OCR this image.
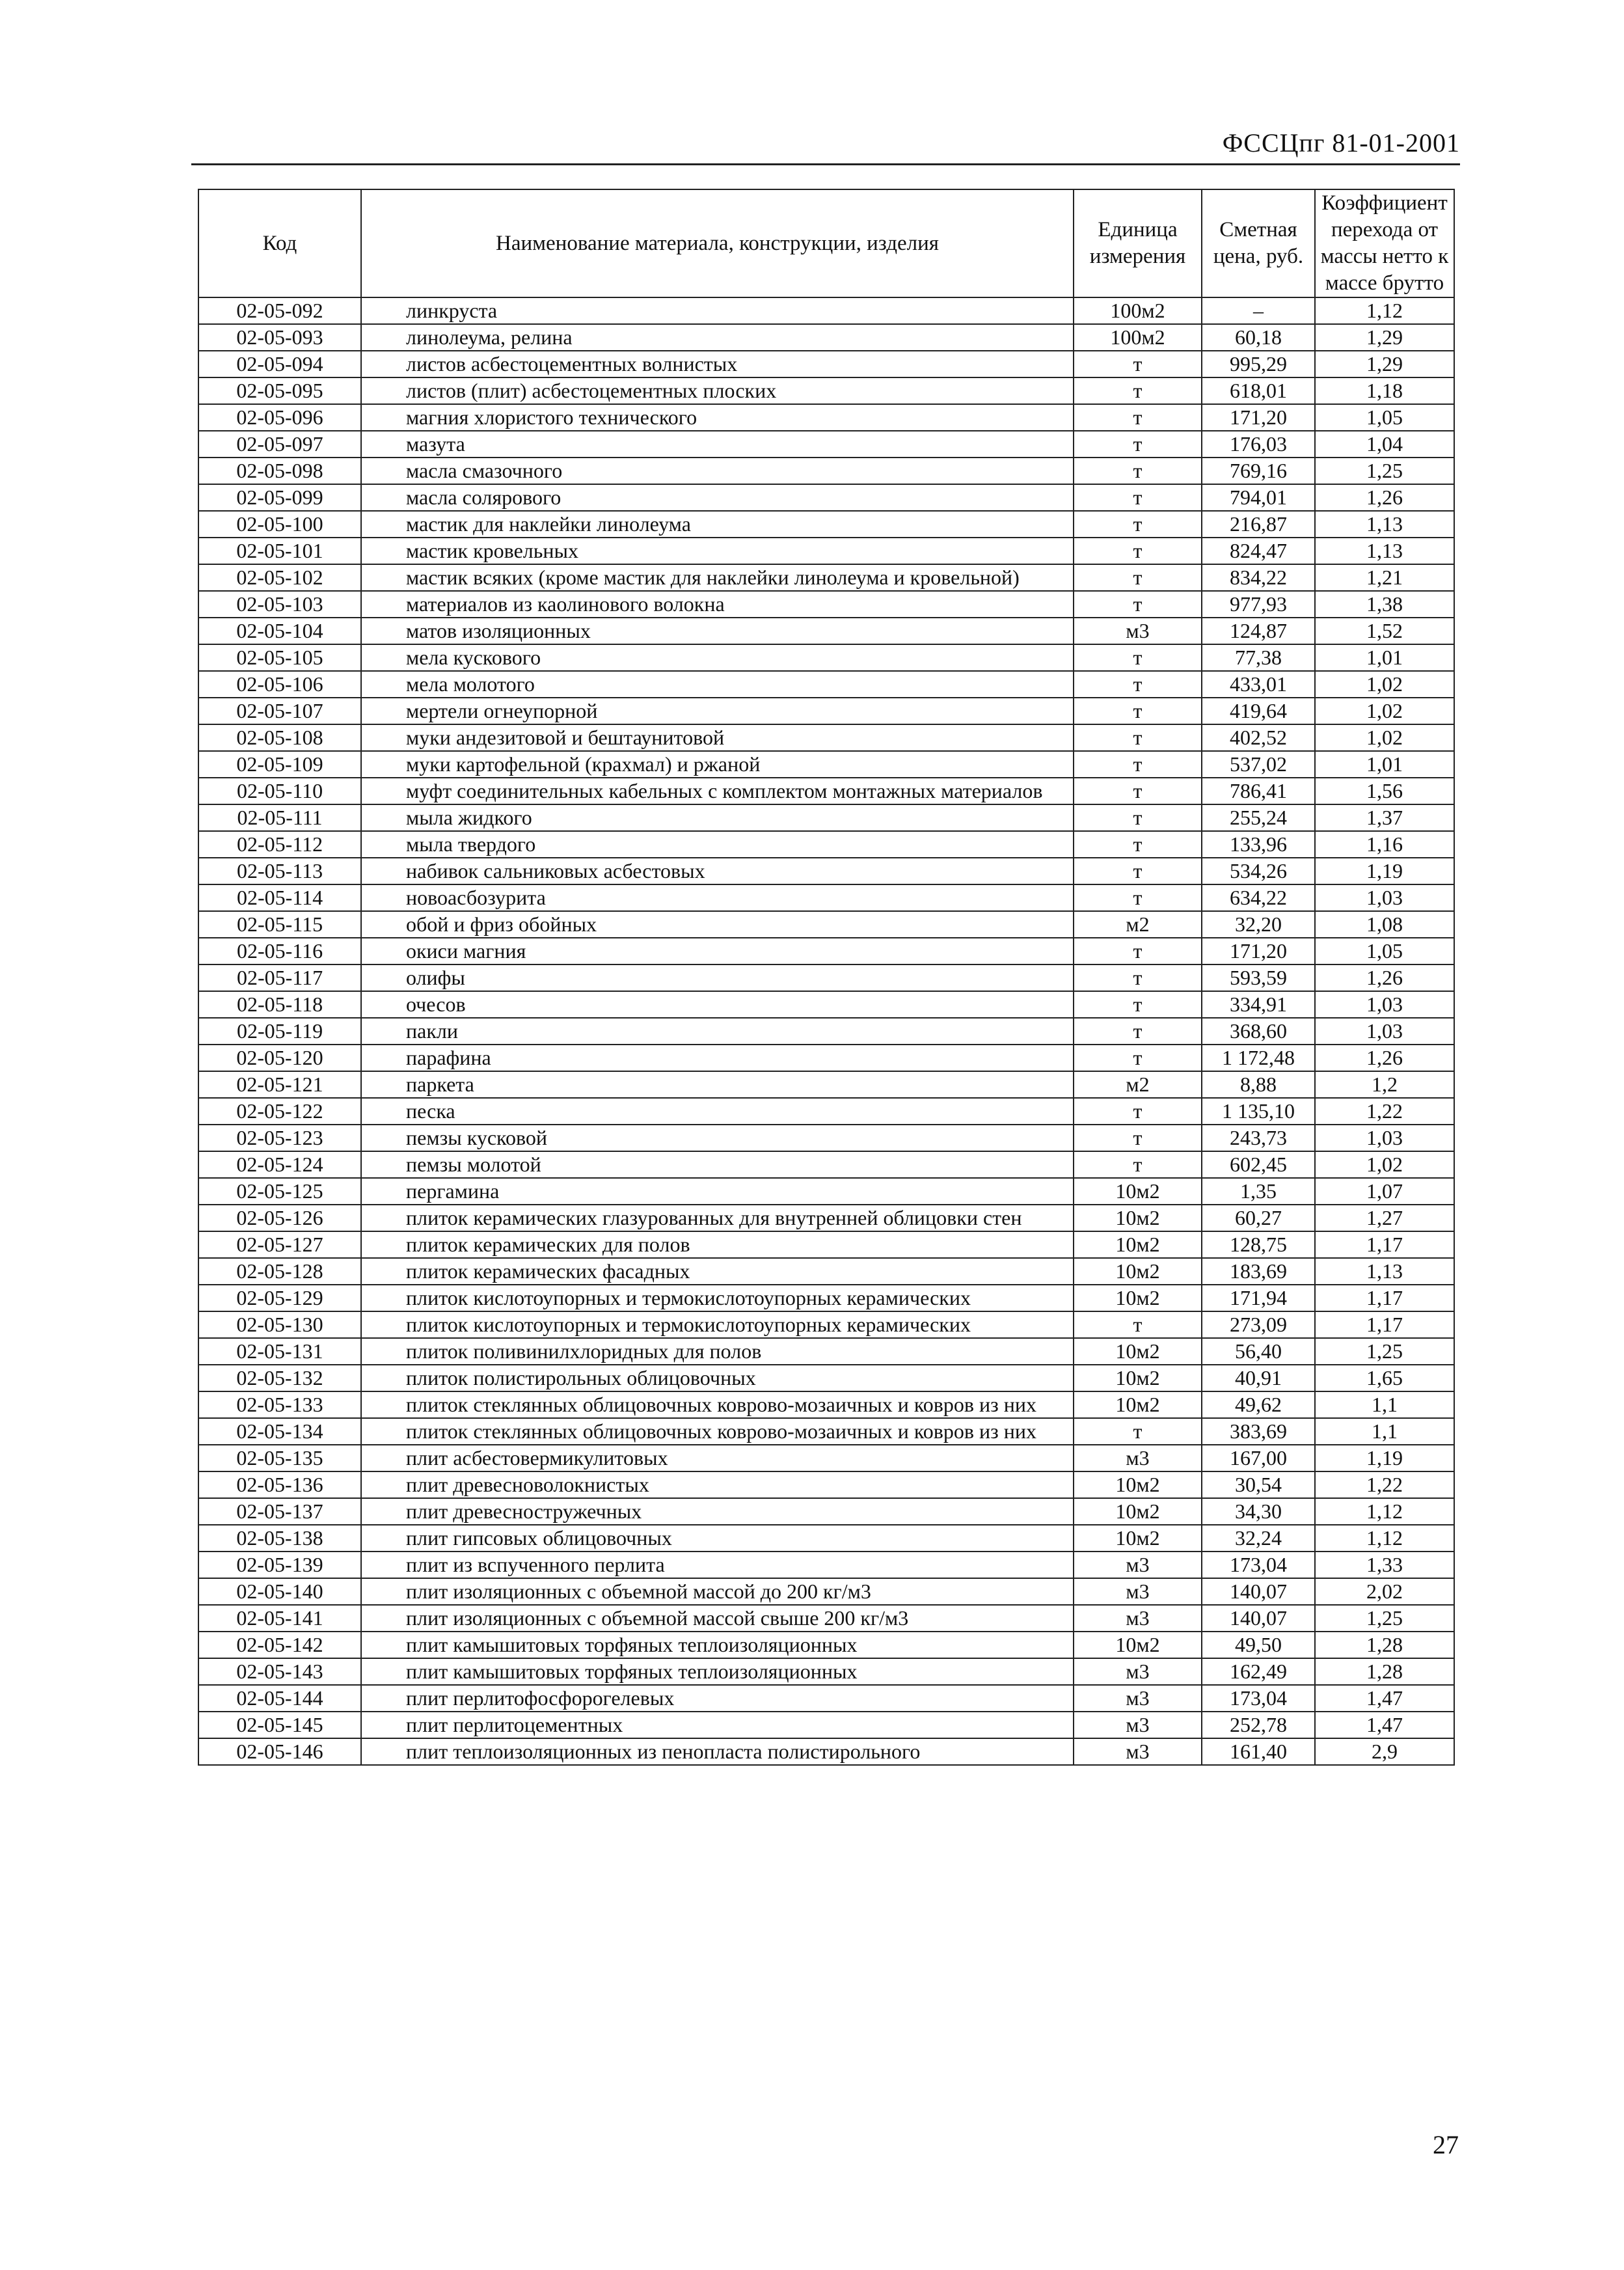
ФССЦпг 81-01-2001
Код	Наименование материала, конструкции, изделия	Единица измерения	Сметная цена, руб.	Коэффициент перехода от массы нетто к массе брутто
02-05-092	линкруста	100м2	–	1,12
02-05-093	линолеума, релина	100м2	60,18	1,29
02-05-094	листов асбестоцементных волнистых	т	995,29	1,29
02-05-095	листов (плит) асбестоцементных плоских	т	618,01	1,18
02-05-096	магния хлористого технического	т	171,20	1,05
02-05-097	мазута	т	176,03	1,04
02-05-098	масла смазочного	т	769,16	1,25
02-05-099	масла солярового	т	794,01	1,26
02-05-100	мастик для наклейки линолеума	т	216,87	1,13
02-05-101	мастик кровельных	т	824,47	1,13
02-05-102	мастик всяких (кроме мастик для наклейки линолеума и кровельной)	т	834,22	1,21
02-05-103	материалов из каолинового волокна	т	977,93	1,38
02-05-104	матов изоляционных	м3	124,87	1,52
02-05-105	мела кускового	т	77,38	1,01
02-05-106	мела молотого	т	433,01	1,02
02-05-107	мертели огнеупорной	т	419,64	1,02
02-05-108	муки андезитовой и бештаунитовой	т	402,52	1,02
02-05-109	муки картофельной (крахмал) и ржаной	т	537,02	1,01
02-05-110	муфт соединительных кабельных с комплектом монтажных материалов	т	786,41	1,56
02-05-111	мыла жидкого	т	255,24	1,37
02-05-112	мыла твердого	т	133,96	1,16
02-05-113	набивок сальниковых асбестовых	т	534,26	1,19
02-05-114	новоасбозурита	т	634,22	1,03
02-05-115	обой и фриз обойных	м2	32,20	1,08
02-05-116	окиси магния	т	171,20	1,05
02-05-117	олифы	т	593,59	1,26
02-05-118	очесов	т	334,91	1,03
02-05-119	пакли	т	368,60	1,03
02-05-120	парафина	т	1 172,48	1,26
02-05-121	паркета	м2	8,88	1,2
02-05-122	песка	т	1 135,10	1,22
02-05-123	пемзы кусковой	т	243,73	1,03
02-05-124	пемзы молотой	т	602,45	1,02
02-05-125	пергамина	10м2	1,35	1,07
02-05-126	плиток керамических глазурованных для внутренней облицовки стен	10м2	60,27	1,27
02-05-127	плиток керамических для полов	10м2	128,75	1,17
02-05-128	плиток керамических фасадных	10м2	183,69	1,13
02-05-129	плиток кислотоупорных и термокислотоупорных керамических	10м2	171,94	1,17
02-05-130	плиток кислотоупорных и термокислотоупорных керамических	т	273,09	1,17
02-05-131	плиток поливинилхлоридных для полов	10м2	56,40	1,25
02-05-132	плиток полистирольных облицовочных	10м2	40,91	1,65
02-05-133	плиток стеклянных облицовочных коврово-мозаичных и ковров из них	10м2	49,62	1,1
02-05-134	плиток стеклянных облицовочных коврово-мозаичных и ковров из них	т	383,69	1,1
02-05-135	плит асбестовермикулитовых	м3	167,00	1,19
02-05-136	плит древесноволокнистых	10м2	30,54	1,22
02-05-137	плит древесностружечных	10м2	34,30	1,12
02-05-138	плит гипсовых облицовочных	10м2	32,24	1,12
02-05-139	плит из вспученного перлита	м3	173,04	1,33
02-05-140	плит изоляционных с объемной массой до 200 кг/м3	м3	140,07	2,02
02-05-141	плит изоляционных с объемной массой свыше 200 кг/м3	м3	140,07	1,25
02-05-142	плит камышитовых торфяных теплоизоляционных	10м2	49,50	1,28
02-05-143	плит камышитовых торфяных теплоизоляционных	м3	162,49	1,28
02-05-144	плит перлитофосфорогелевых	м3	173,04	1,47
02-05-145	плит перлитоцементных	м3	252,78	1,47
02-05-146	плит теплоизоляционных из пенопласта полистирольного	м3	161,40	2,9
27
